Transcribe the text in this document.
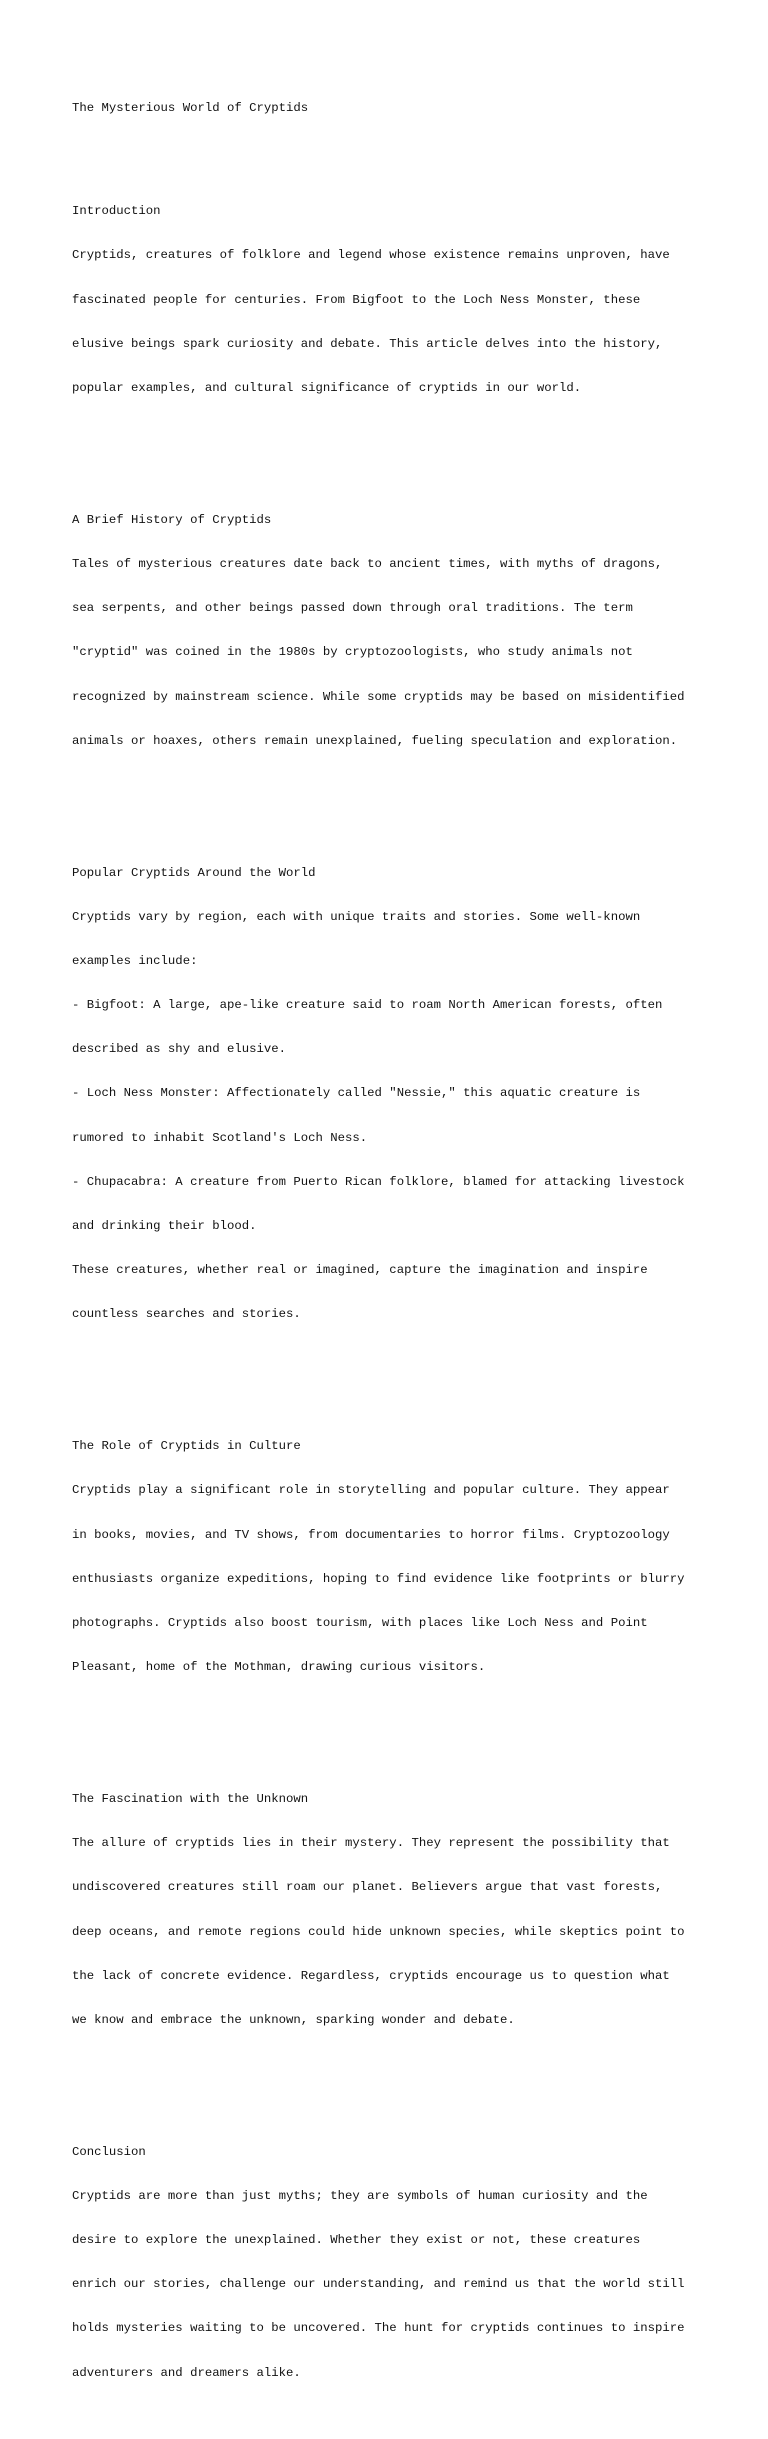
The Mysterious World of Cryptids

Introduction

Cryptids, creatures of folklore and legend whose existence remains unproven, have

fascinated people for centuries. From Bigfoot to the Loch Ness Monster, these

elusive beings spark curiosity and debate. This article delves into the history,

popular examples, and cultural significance of cryptids in our world.

A Brief History of Cryptids

Tales of mysterious creatures date back to ancient times, with myths of dragons,

sea serpents, and other beings passed down through oral traditions. The term

"cryptid" was coined in the 1980s by cryptozoologists, who study animals not

recognized by mainstream science. While some cryptids may be based on misidentified

animals or hoaxes, others remain unexplained, fueling speculation and exploration.

Popular Cryptids Around the World

Cryptids vary by region, each with unique traits and stories. Some well-known

examples include:

- Bigfoot: A large, ape-like creature said to roam North American forests, often

described as shy and elusive.

- Loch Ness Monster: Affectionately called "Nessie," this aquatic creature is

rumored to inhabit Scotland's Loch Ness.

- Chupacabra: A creature from Puerto Rican folklore, blamed for attacking livestock

and drinking their blood.

These creatures, whether real or imagined, capture the imagination and inspire

countless searches and stories.

The Role of Cryptids in Culture

Cryptids play a significant role in storytelling and popular culture. They appear

in books, movies, and TV shows, from documentaries to horror films. Cryptozoology

enthusiasts organize expeditions, hoping to find evidence like footprints or blurry

photographs. Cryptids also boost tourism, with places like Loch Ness and Point

Pleasant, home of the Mothman, drawing curious visitors.

The Fascination with the Unknown

The allure of cryptids lies in their mystery. They represent the possibility that

undiscovered creatures still roam our planet. Believers argue that vast forests,

deep oceans, and remote regions could hide unknown species, while skeptics point to

the lack of concrete evidence. Regardless, cryptids encourage us to question what

we know and embrace the unknown, sparking wonder and debate.

Conclusion

Cryptids are more than just myths; they are symbols of human curiosity and the

desire to explore the unexplained. Whether they exist or not, these creatures

enrich our stories, challenge our understanding, and remind us that the world still

holds mysteries waiting to be uncovered. The hunt for cryptids continues to inspire

adventurers and dreamers alike.
